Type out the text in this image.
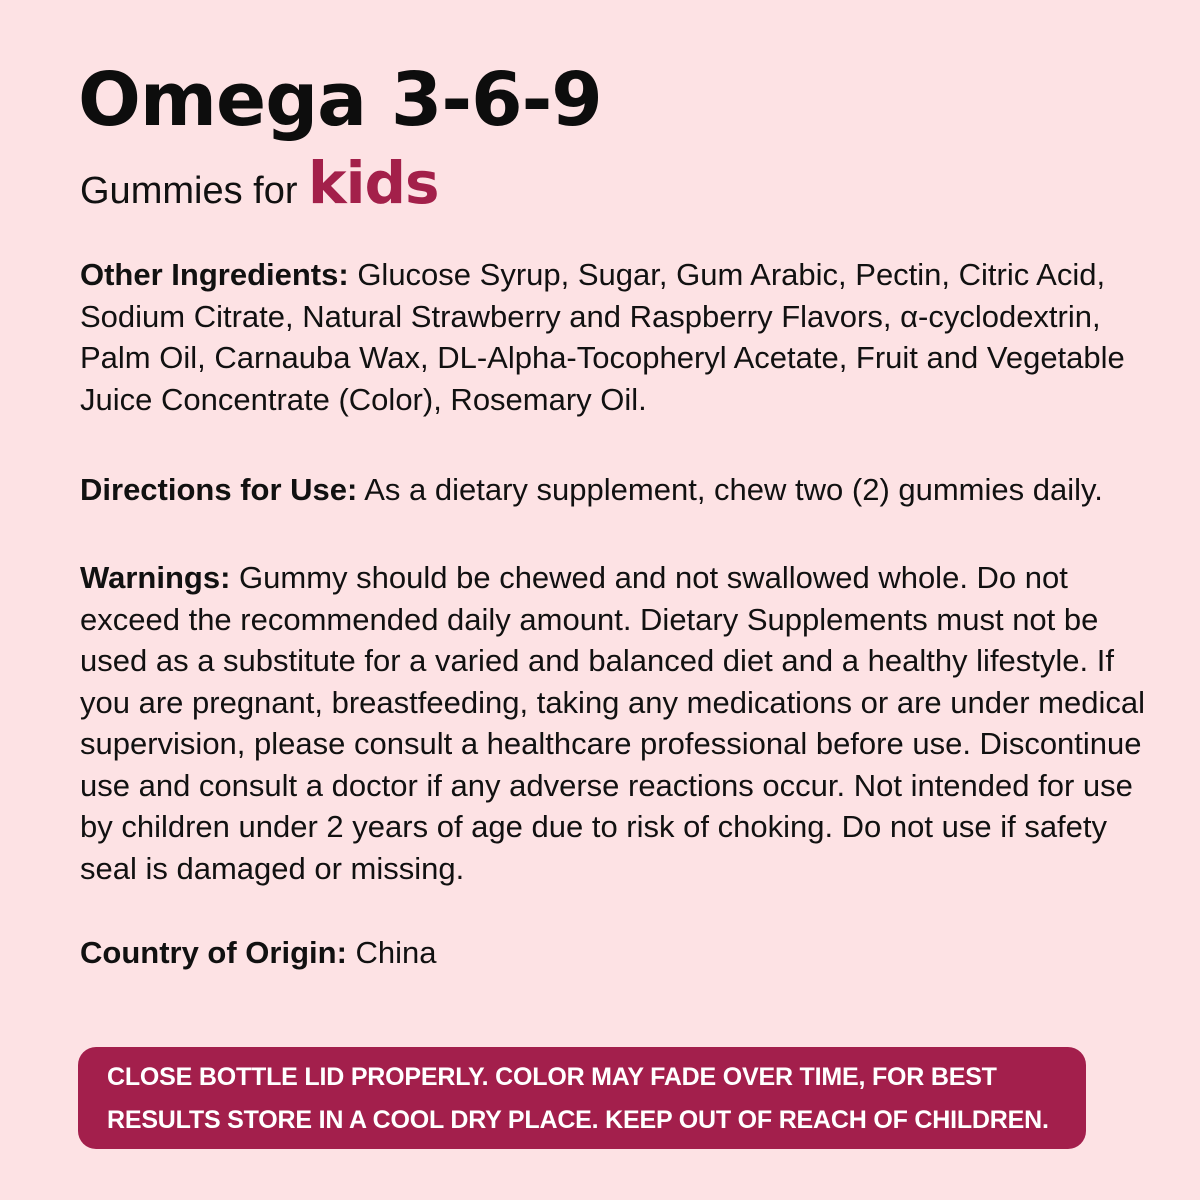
Omega 3-6-9
Gummies for kids

Other Ingredients: Glucose Syrup, Sugar, Gum Arabic, Pectin, Citric Acid, Sodium Citrate, Natural Strawberry and Raspberry Flavors, α-cyclodextrin, Palm Oil, Carnauba Wax, DL-Alpha-Tocopheryl Acetate, Fruit and Vegetable Juice Concentrate (Color), Rosemary Oil.

Directions for Use: As a dietary supplement, chew two (2) gummies daily.

Warnings: Gummy should be chewed and not swallowed whole. Do not exceed the recommended daily amount. Dietary Supplements must not be used as a substitute for a varied and balanced diet and a healthy lifestyle. If you are pregnant, breastfeeding, taking any medications or are under medical supervision, please consult a healthcare professional before use. Discontinue use and consult a doctor if any adverse reactions occur. Not intended for use by children under 2 years of age due to risk of choking. Do not use if safety seal is damaged or missing.

Country of Origin: China

CLOSE BOTTLE LID PROPERLY. COLOR MAY FADE OVER TIME, FOR BEST RESULTS STORE IN A COOL DRY PLACE. KEEP OUT OF REACH OF CHILDREN.
